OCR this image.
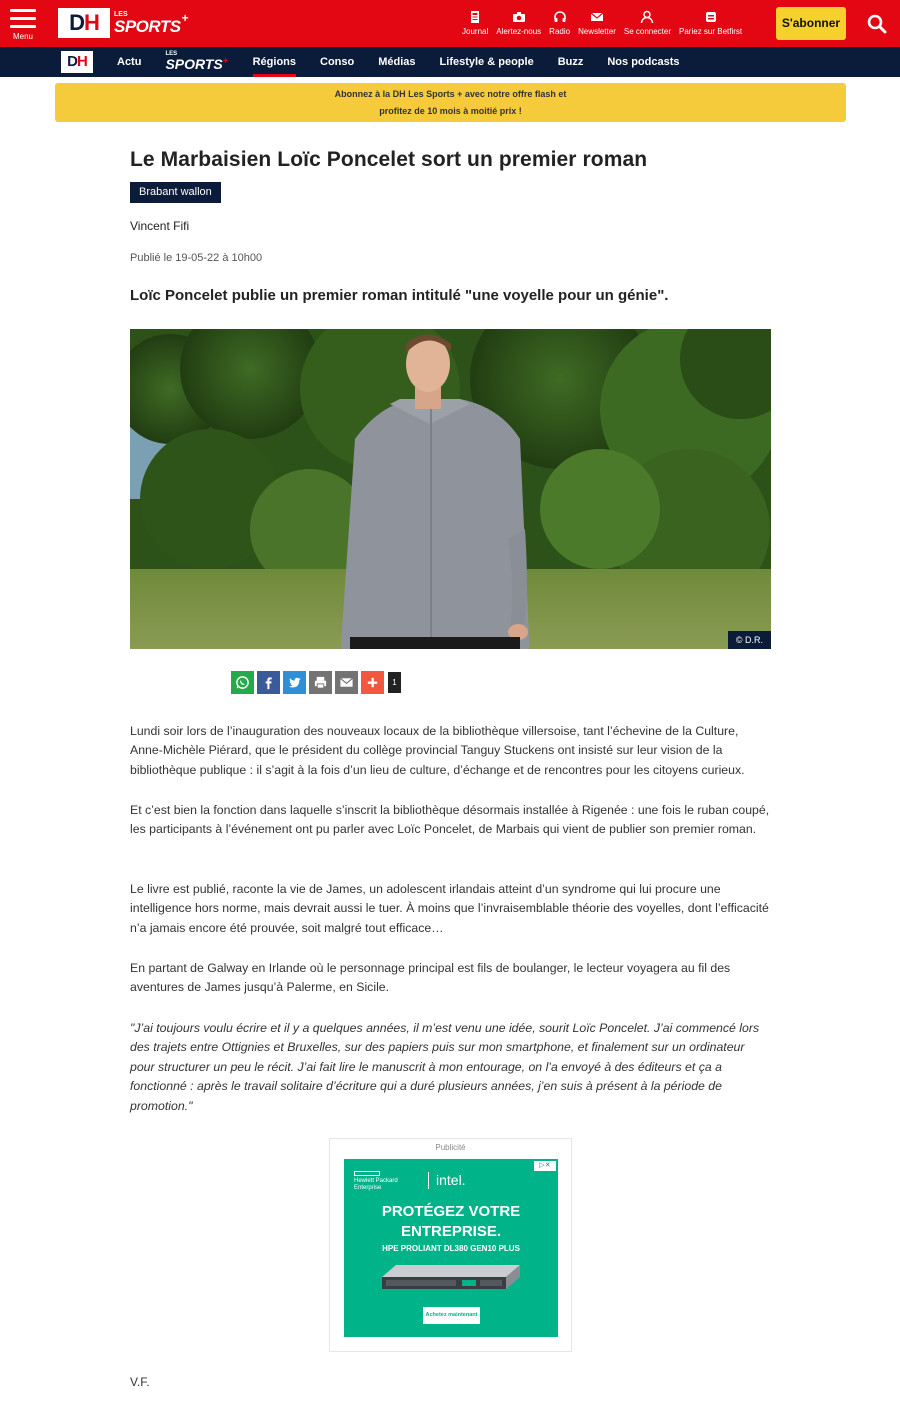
Menu
DH	LES
SPORTS +
Journal	Alertez-nous	Radio	Newsletter	Se connecter	Pariez sur Betfirst
S'abonner
DH	Actu
LES
SPORTS+	Régions	Conso	Médias	Lifestyle & people	Buzz	Nos podcasts
Abonnez à la DH Les Sports + avec notre offre flash et
profitez de 10 mois à moitié prix !
Le Marbaisien Loïc Poncelet sort un premier roman
Brabant wallon
Vincent Fifi
Publié le 19-05-22 à 10h00
Loïc Poncelet publie un premier roman intitulé "une voyelle pour un génie".
© D.R.
1
Lundi soir lors de l’inauguration des nouveaux locaux de la bibliothèque villersoise, tant l’échevine de la Culture, Anne-Michèle Piérard, que le président du collège provincial Tanguy Stuckens ont insisté sur leur vision de la bibliothèque publique : il s’agit à la fois d’un lieu de culture, d’échange et de rencontres pour les citoyens curieux.
Et c’est bien la fonction dans laquelle s’inscrit la bibliothèque désormais installée à Rigenée : une fois le ruban coupé, les participants à l’événement ont pu parler avec Loïc Poncelet, de Marbais qui vient de publier son premier roman.
Le livre est publié, raconte la vie de James, un adolescent irlandais atteint d’un syndrome qui lui procure une intelligence hors norme, mais devrait aussi le tuer. À moins que l’invraisemblable théorie des voyelles, dont l’efficacité n’a jamais encore été prouvée, soit malgré tout efficace…
En partant de Galway en Irlande où le personnage principal est fils de boulanger, le lecteur voyagera au fil des aventures de James jusqu’à Palerme, en Sicile.
"J’ai toujours voulu écrire et il y a quelques années, il m’est venu une idée, sourit Loïc Poncelet. J’ai commencé lors des trajets entre Ottignies et Bruxelles, sur des papiers puis sur mon smartphone, et finalement sur un ordinateur pour structurer un peu le récit. J’ai fait lire le manuscrit à mon entourage, on l’a envoyé à des éditeurs et ça a fonctionné : après le travail solitaire d’écriture qui a duré plusieurs années, j’en suis à présent à la période de promotion."
Publicité
Hewlett Packard
Enterprise	intel.
▷✕
PROTÉGEZ VOTRE
ENTREPRISE.
HPE PROLIANT DL380 GEN10 PLUS
Achetez maintenant
V.F.
